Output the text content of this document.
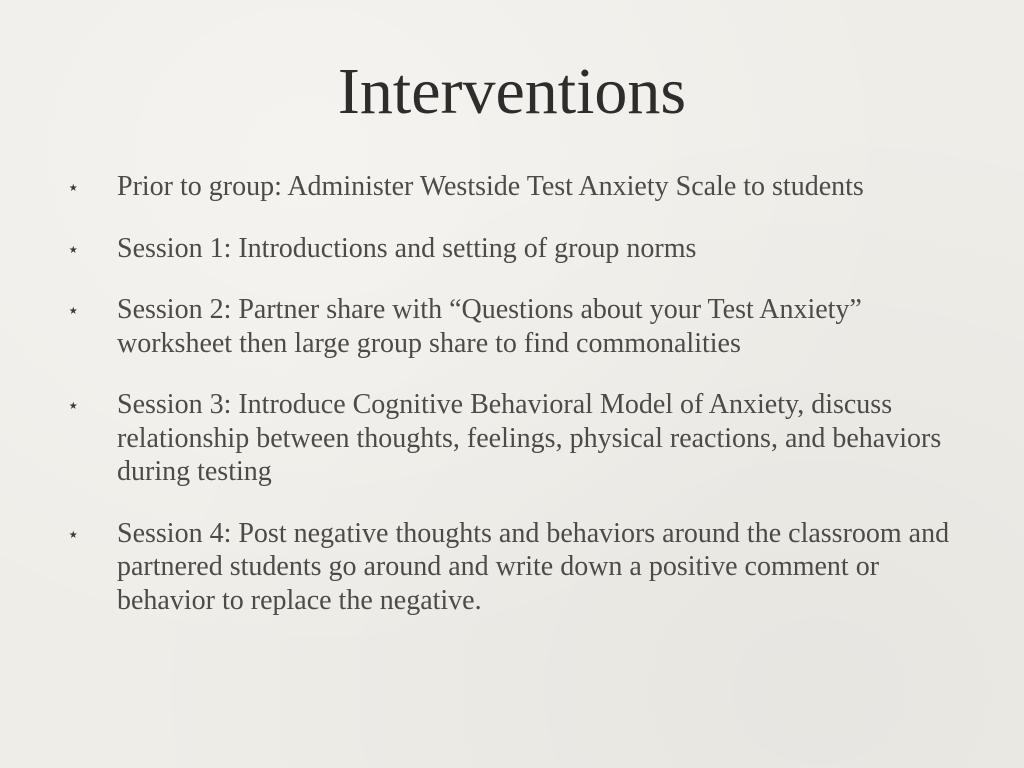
Interventions
⋆ Prior to group: Administer Westside Test Anxiety Scale to students
⋆ Session 1: Introductions and setting of group norms
⋆ Session 2: Partner share with “Questions about your Test Anxiety” worksheet then large group share to find commonalities
⋆ Session 3: Introduce Cognitive Behavioral Model of Anxiety, discuss relationship between thoughts, feelings, physical reactions, and behaviors during testing
⋆ Session 4: Post negative thoughts and behaviors around the classroom and partnered students go around and write down a positive comment or behavior to replace the negative.
